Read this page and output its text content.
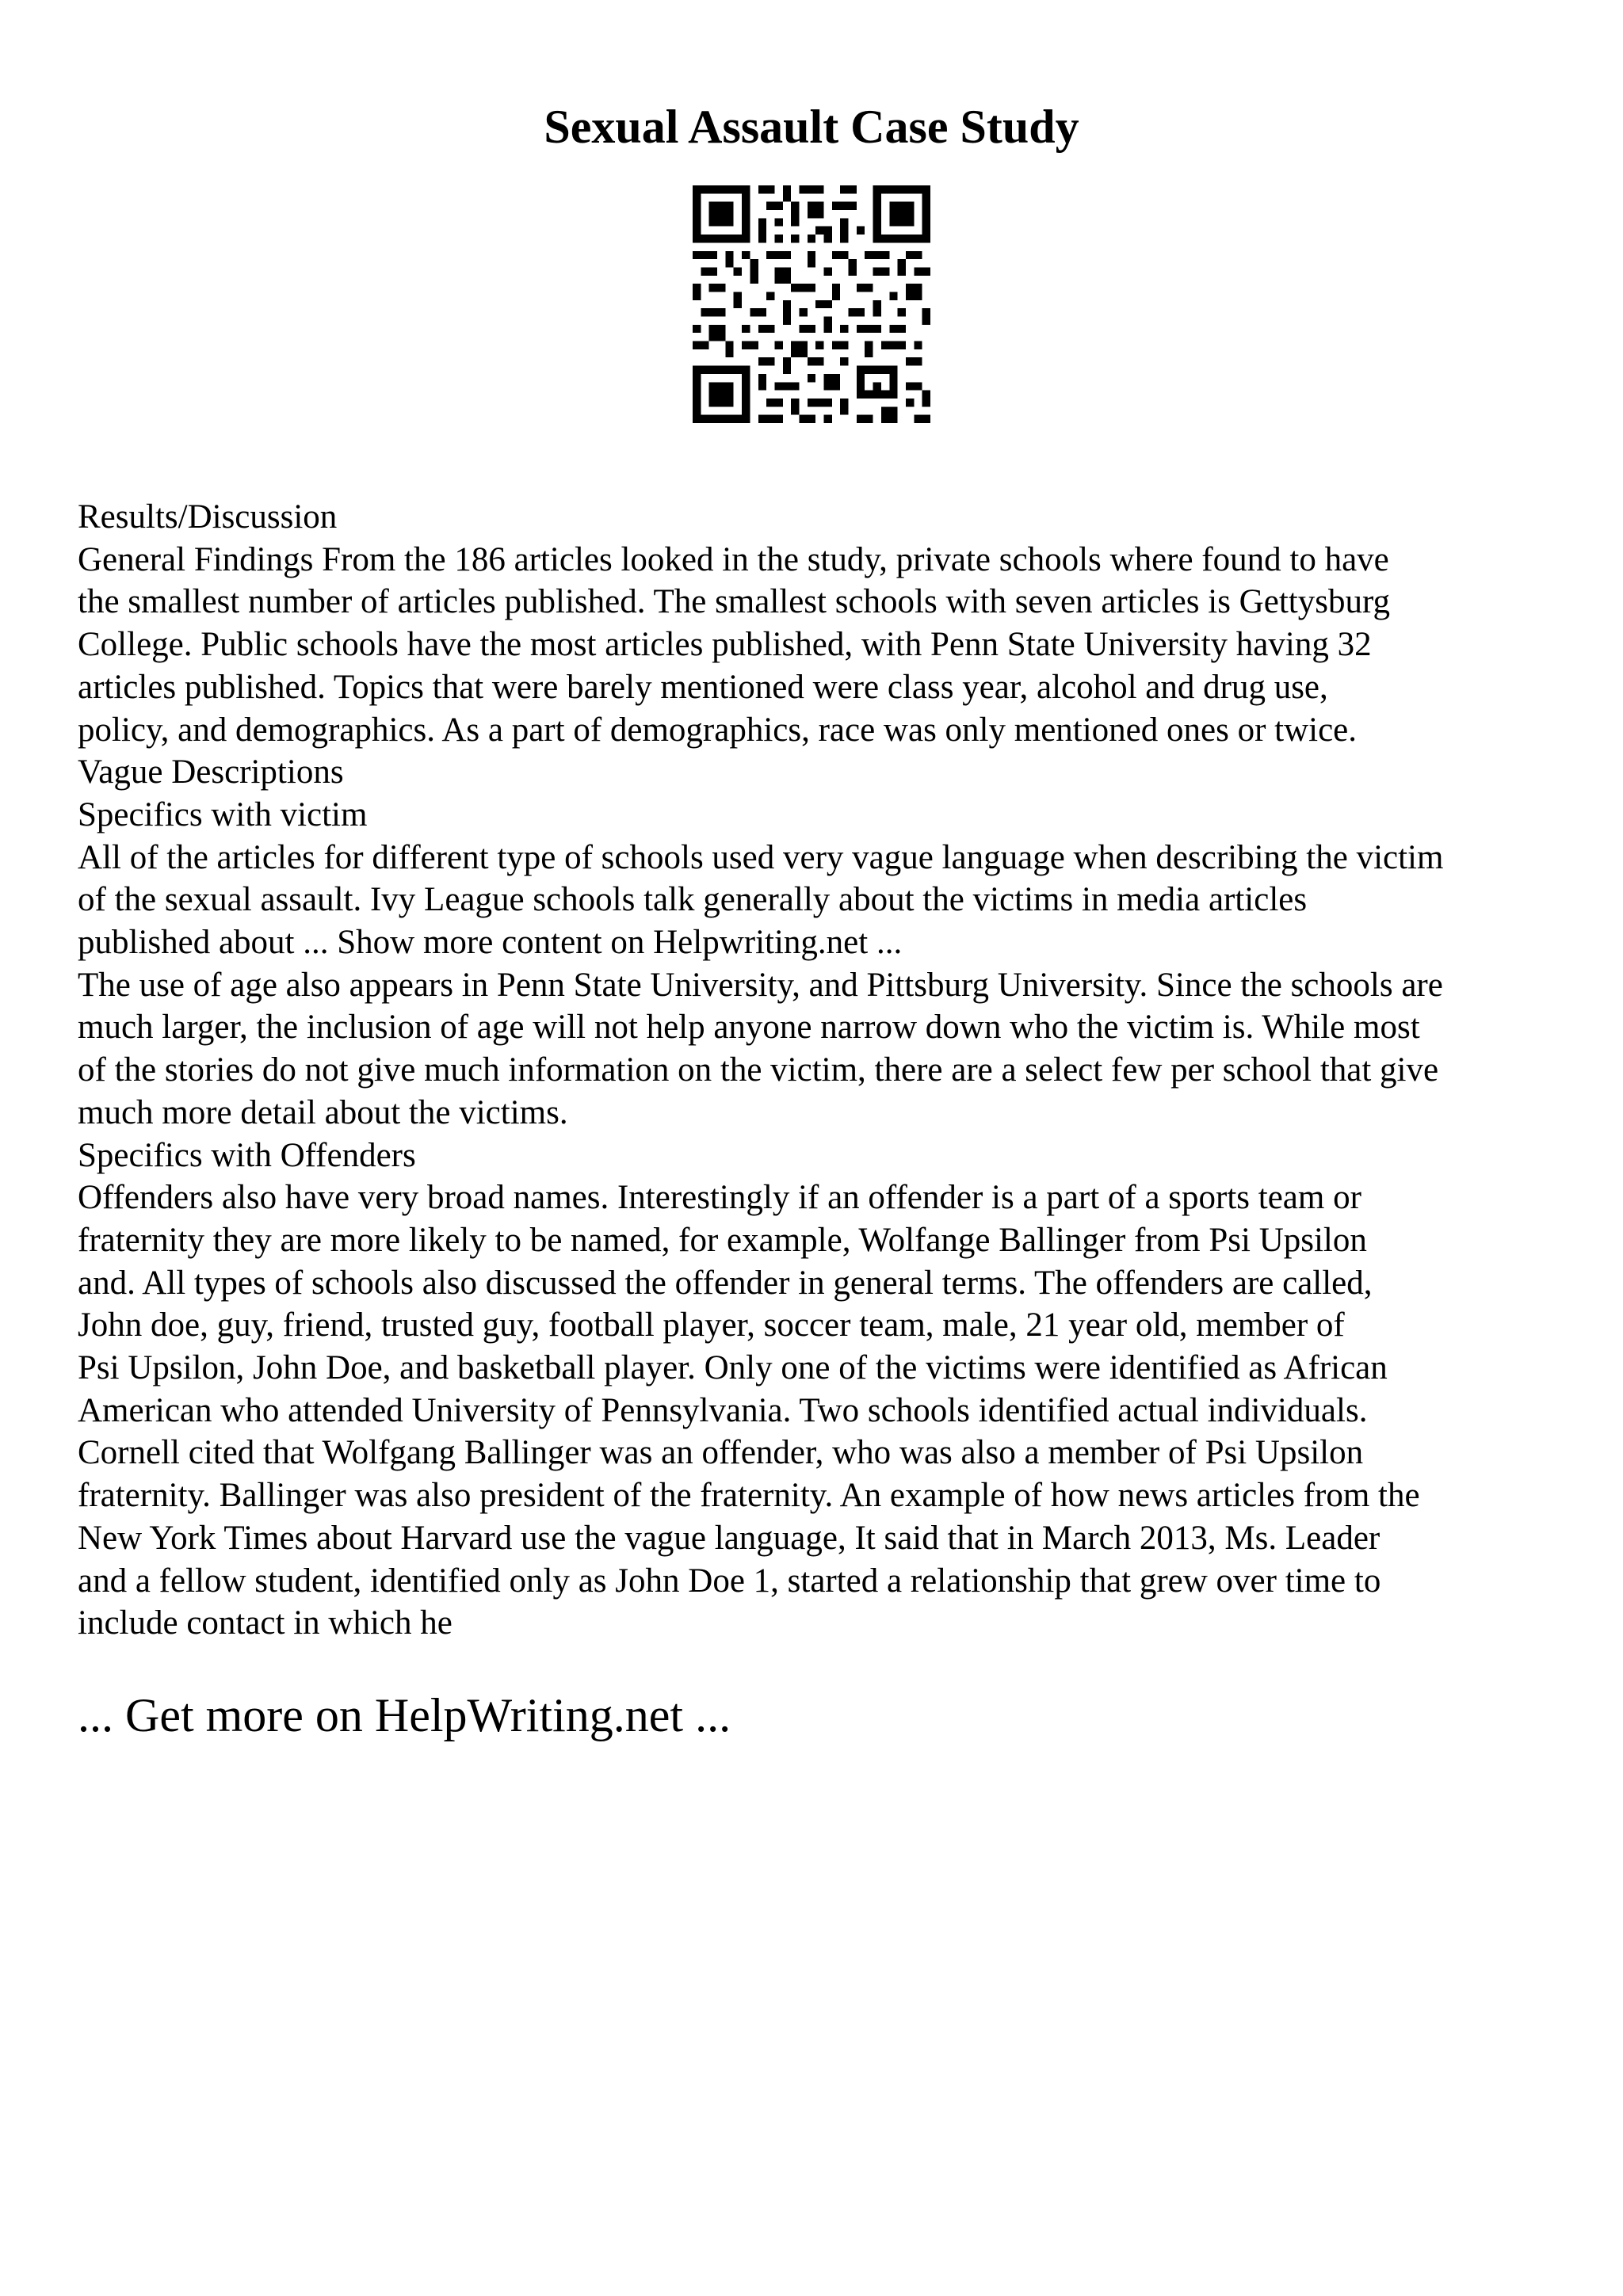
Sexual Assault Case Study

Results/Discussion

General Findings From the 186 articles looked in the study, private schools where found to have
the smallest number of articles published. The smallest schools with seven articles is Gettysburg
College. Public schools have the most articles published, with Penn State University having 32
articles published. Topics that were barely mentioned were class year, alcohol and drug use,
policy, and demographics. As a part of demographics, race was only mentioned ones or twice.

Vague Descriptions

Specifics with victim

All of the articles for different type of schools used very vague language when describing the victim
of the sexual assault. Ivy League schools talk generally about the victims in media articles
published about ... Show more content on Helpwriting.net ...

The use of age also appears in Penn State University, and Pittsburg University. Since the schools are
much larger, the inclusion of age will not help anyone narrow down who the victim is. While most
of the stories do not give much information on the victim, there are a select few per school that give
much more detail about the victims.

Specifics with Offenders

Offenders also have very broad names. Interestingly if an offender is a part of a sports team or
fraternity they are more likely to be named, for example, Wolfange Ballinger from Psi Upsilon
and. All types of schools also discussed the offender in general terms. The offenders are called,
John doe, guy, friend, trusted guy, football player, soccer team, male, 21 year old, member of
Psi Upsilon, John Doe, and basketball player. Only one of the victims were identified as African
American who attended University of Pennsylvania. Two schools identified actual individuals.
Cornell cited that Wolfgang Ballinger was an offender, who was also a member of Psi Upsilon
fraternity. Ballinger was also president of the fraternity. An example of how news articles from the
New York Times about Harvard use the vague language, It said that in March 2013, Ms. Leader
and a fellow student, identified only as John Doe 1, started a relationship that grew over time to
include contact in which he

... Get more on HelpWriting.net ...
